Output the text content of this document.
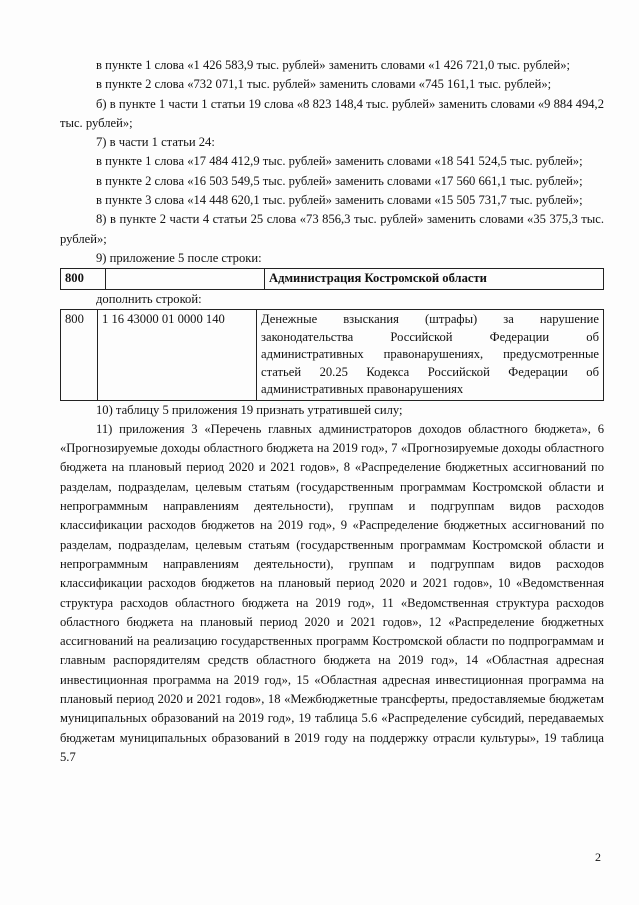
в пункте 1 слова «1 426 583,9 тыс. рублей» заменить словами «1 426 721,0 тыс. рублей»;

в пункте 2 слова «732 071,1 тыс. рублей» заменить словами «745 161,1 тыс. рублей»;

б) в пункте 1 части 1 статьи 19 слова «8 823 148,4 тыс. рублей» заменить словами «9 884 494,2 тыс. рублей»;

7) в части 1 статьи 24:

в пункте 1 слова «17 484 412,9 тыс. рублей» заменить словами «18 541 524,5 тыс. рублей»;

в пункте 2 слова «16 503 549,5 тыс. рублей» заменить словами «17 560 661,1 тыс. рублей»;

в пункте 3 слова «14 448 620,1 тыс. рублей» заменить словами «15 505 731,7 тыс. рублей»;

8) в пункте 2 части 4 статьи 25 слова «73 856,3 тыс. рублей» заменить словами «35 375,3 тыс. рублей»;

9) приложение 5 после строки:

800		Администрация Костромской области

дополнить строкой:

800	1 16 43000 01 0000 140	Денежные взыскания (штрафы) за нарушение законодательства Российской Федерации об административных правонарушениях, предусмотренные статьей 20.25 Кодекса Российской Федерации об административных правонарушениях

10) таблицу 5 приложения 19 признать утратившей силу;

11) приложения 3 «Перечень главных администраторов доходов областного бюджета», 6 «Прогнозируемые доходы областного бюджета на 2019 год», 7 «Прогнозируемые доходы областного бюджета на плановый период 2020 и 2021 годов», 8 «Распределение бюджетных ассигнований по разделам, подразделам, целевым статьям (государственным программам Костромской области и непрограммным направлениям деятельности), группам и подгруппам видов расходов классификации расходов бюджетов на 2019 год», 9 «Распределение бюджетных ассигнований по разделам, подразделам, целевым статьям (государственным программам Костромской области и непрограммным направлениям деятельности), группам и подгруппам видов расходов классификации расходов бюджетов на плановый период 2020 и 2021 годов», 10 «Ведомственная структура расходов областного бюджета на 2019 год», 11 «Ведомственная структура расходов областного бюджета на плановый период 2020 и 2021 годов», 12 «Распределение бюджетных ассигнований на реализацию государственных программ Костромской области по подпрограммам и главным распорядителям средств областного бюджета на 2019 год», 14 «Областная адресная инвестиционная программа на 2019 год», 15 «Областная адресная инвестиционная программа на плановый период 2020 и 2021 годов», 18 «Межбюджетные трансферты, предоставляемые бюджетам муниципальных образований на 2019 год», 19 таблица 5.6 «Распределение субсидий, передаваемых бюджетам муниципальных образований в 2019 году на поддержку отрасли культуры», 19 таблица 5.7

2
